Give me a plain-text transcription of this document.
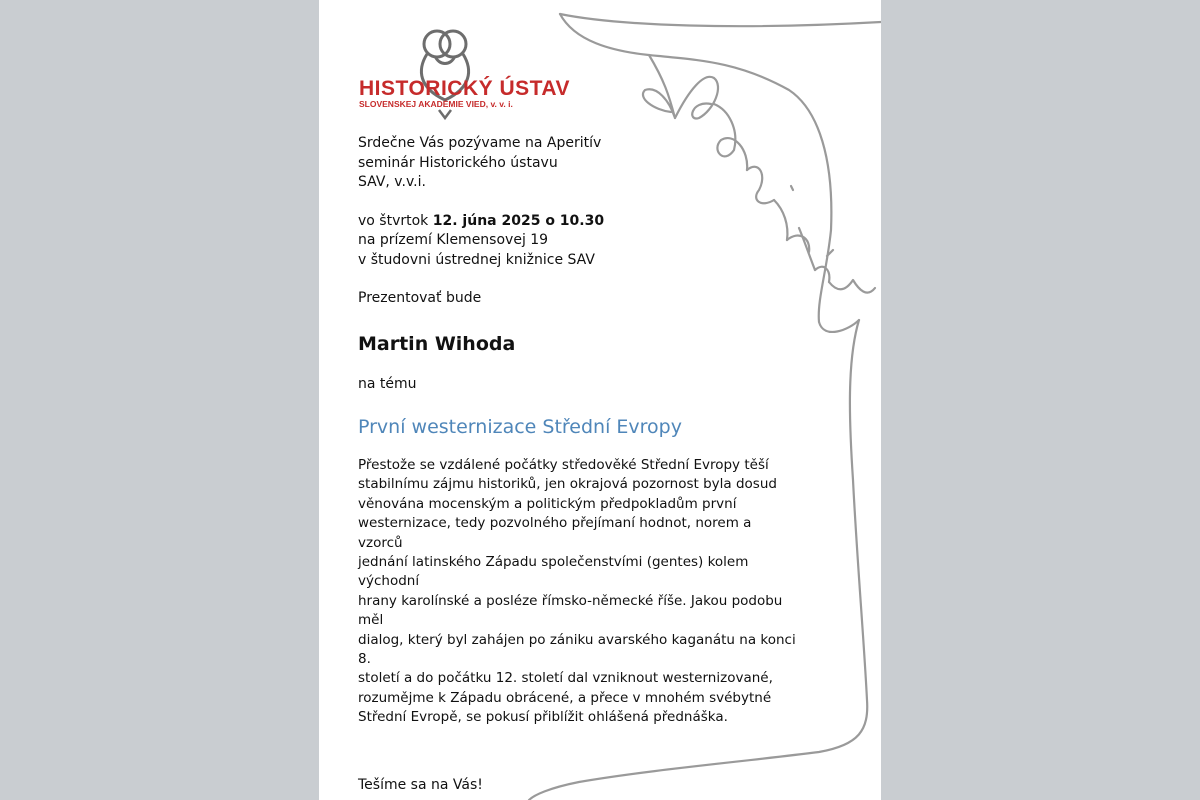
HISTORICKÝ ÚSTAV
SLOVENSKEJ AKADÉMIE VIED, v. v. i.

Srdečne Vás pozývame na Aperitív

seminár Historického ústavu

SAV, v.v.i.

vo štvrtok 12. júna 2025 o 10.30

na prízemí Klemensovej 19

v študovni ústrednej knižnice SAV

Prezentovať bude

Martin Wihoda

na tému

První westernizace Střední Evropy

Přestože se vzdálené počátky středověké Střední Evropy těší
stabilnímu zájmu historiků, jen okrajová pozornost byla dosud
věnována mocenským a politickým předpokladům první
westernizace, tedy pozvolného přejímaní hodnot, norem a vzorců
jednání latinského Západu společenstvími (gentes) kolem východní
hrany karolínské a posléze římsko-německé říše. Jakou podobu měl
dialog, který byl zahájen po zániku avarského kaganátu na konci 8.
století a do počátku 12. století dal vzniknout westernizované,
rozumějme k Západu obrácené, a přece v mnohém svébytné
Střední Evropě, se pokusí přiblížit ohlášená přednáška.

Tešíme sa na Vás!
